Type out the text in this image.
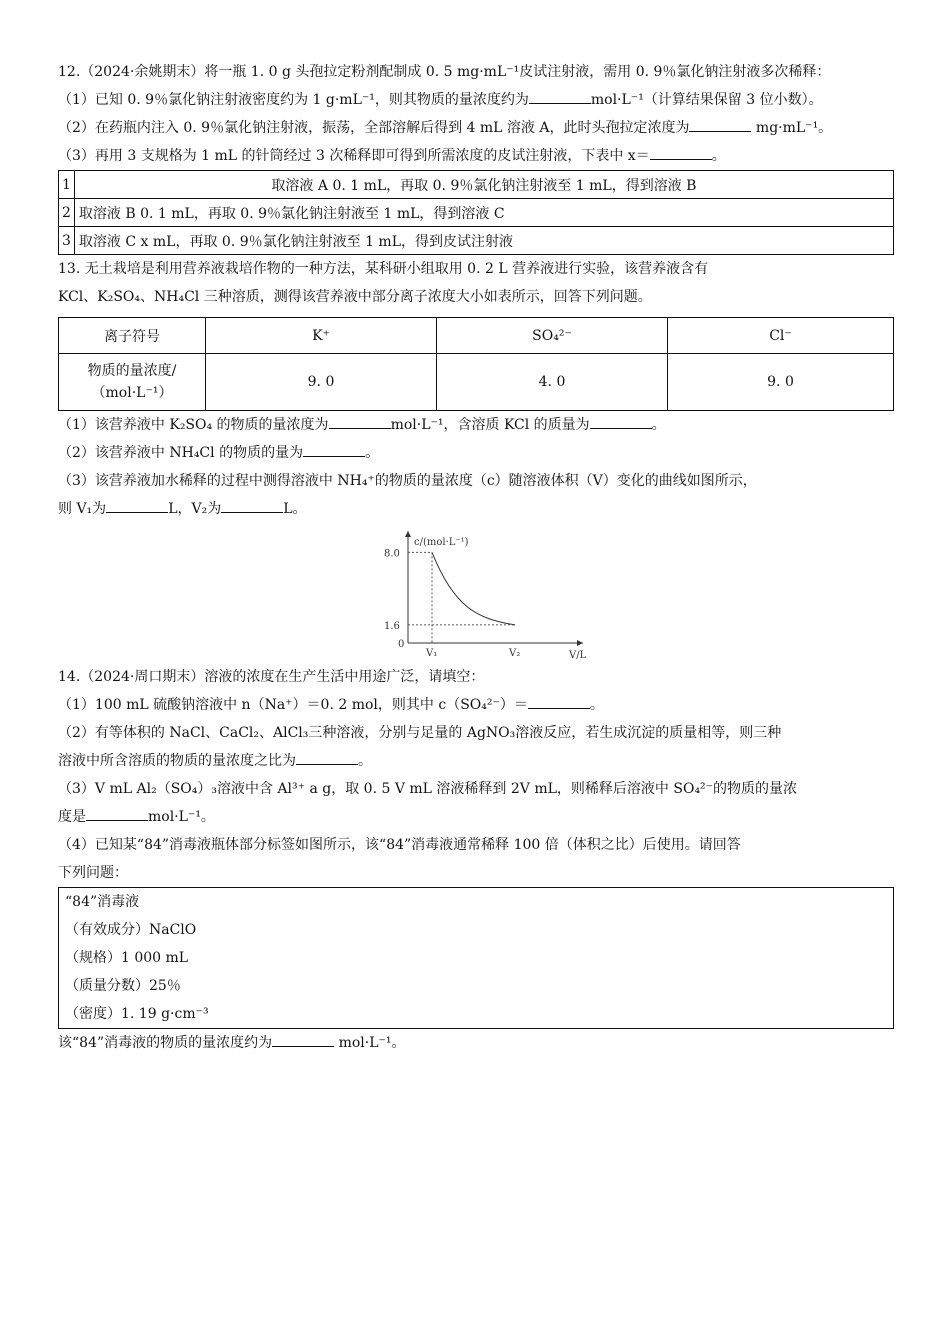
12.（2024·余姚期末）将一瓶 1. 0 g 头孢拉定粉剂配制成 0. 5 mg·mL⁻¹皮试注射液，需用 0. 9％氯化钠注射液多次稀释：

（1）已知 0. 9％氯化钠注射液密度约为 1 g·mL⁻¹，则其物质的量浓度约为	mol·L⁻¹（计算结果保留 3 位小数）。

（2）在药瓶内注入 0. 9％氯化钠注射液，振荡，全部溶解后得到 4 mL 溶液 A，此时头孢拉定浓度为	mg·mL⁻¹。

（3）再用 3 支规格为 1 mL 的针筒经过 3 次稀释即可得到所需浓度的皮试注射液，下表中 x＝	。

1	取溶液 A 0. 1 mL，再取 0. 9％氯化钠注射液至 1 mL，得到溶液 B
2	取溶液 B 0. 1 mL，再取 0. 9％氯化钠注射液至 1 mL，得到溶液 C
3	取溶液 C x mL，再取 0. 9％氯化钠注射液至 1 mL，得到皮试注射液

13. 无土栽培是利用营养液栽培作物的一种方法，某科研小组取用 0. 2 L 营养液进行实验，该营养液含有

KCl、K₂SO₄、NH₄Cl 三种溶质，测得该营养液中部分离子浓度大小如表所示，回答下列问题。

离子符号	K⁺	SO₄²⁻	Cl⁻
物质的量浓度/
（mol·L⁻¹）	9. 0	4. 0	9. 0

（1）该营养液中 K₂SO₄ 的物质的量浓度为	mol·L⁻¹，含溶质 KCl 的质量为	。

（2）该营养液中 NH₄Cl 的物质的量为	。

（3）该营养液加水稀释的过程中测得溶液中 NH₄⁺的物质的量浓度（c）随溶液体积（V）变化的曲线如图所示，

则 V₁为	L，V₂为	L。

8.0
1.6
0
V₁	V₂	V/L
c/(mol·L⁻¹)

14.（2024·周口期末）溶液的浓度在生产生活中用途广泛，请填空：

（1）100 mL 硫酸钠溶液中 n（Na⁺）＝0. 2 mol，则其中 c（SO₄²⁻）＝	。

（2）有等体积的 NaCl、CaCl₂、AlCl₃三种溶液，分别与足量的 AgNO₃溶液反应，若生成沉淀的质量相等，则三种

溶液中所含溶质的物质的量浓度之比为	。

（3）V mL Al₂（SO₄）₃溶液中含 Al³⁺ a g，取 0. 5 V mL 溶液稀释到 2V mL，则稀释后溶液中 SO₄²⁻的物质的量浓

度是	mol·L⁻¹。

（4）已知某“84”消毒液瓶体部分标签如图所示，该“84”消毒液通常稀释 100 倍（体积之比）后使用。请回答

下列问题：

“84”消毒液

（有效成分）NaClO

（规格）1 000 mL

（质量分数）25％

（密度）1. 19 g·cm⁻³

该“84”消毒液的物质的量浓度约为	mol·L⁻¹。
